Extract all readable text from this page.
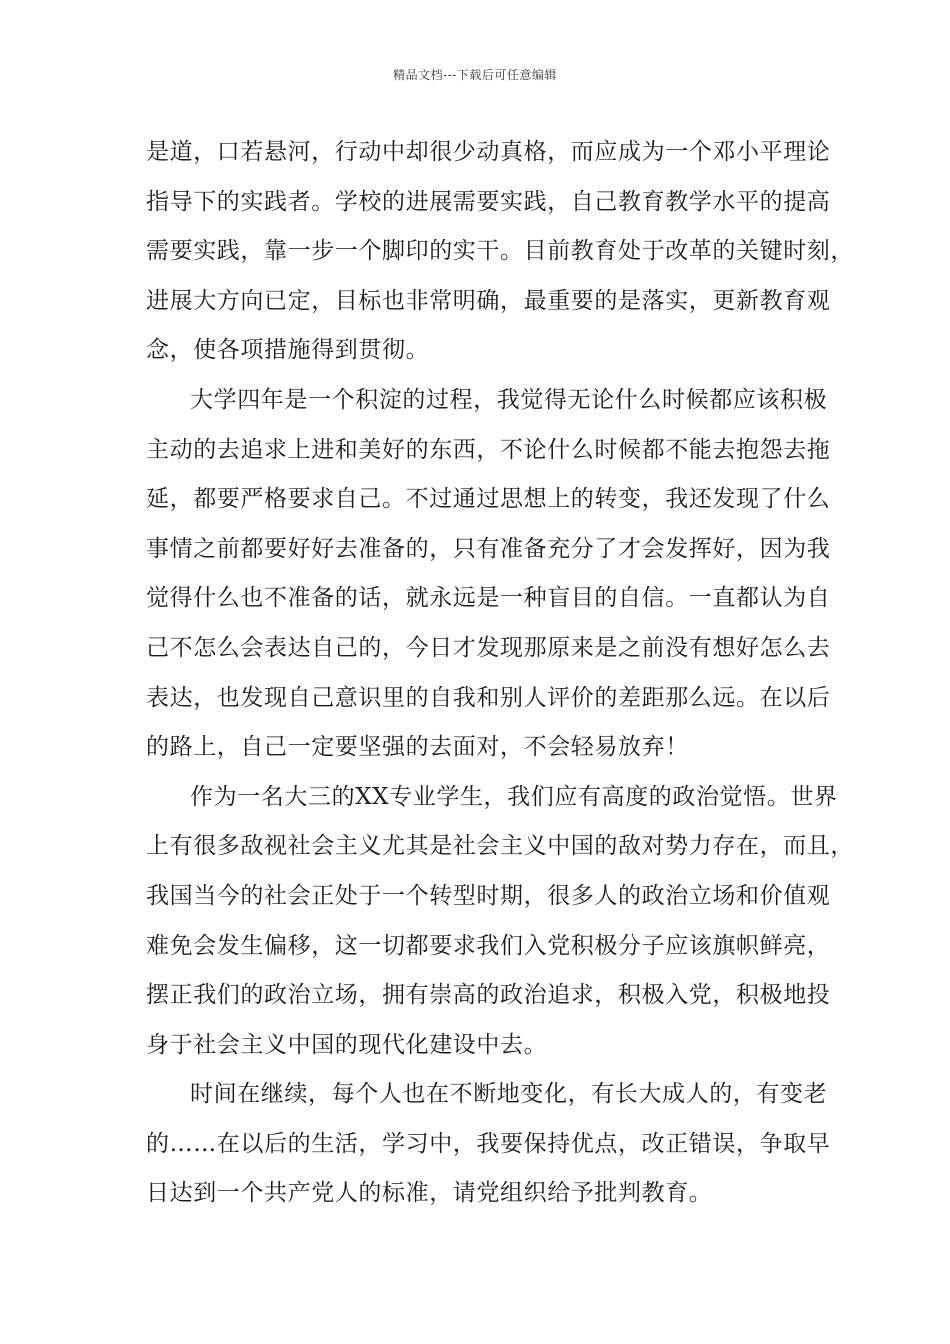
精品文档---下载后可任意编辑
是道，口若悬河，行动中却很少动真格，而应成为一个邓小平理论
指导下的实践者。学校的进展需要实践，自己教育教学水平的提高
需要实践，靠一步一个脚印的实干。目前教育处于改革的关键时刻，
进展大方向已定，目标也非常明确，最重要的是落实，更新教育观
念，使各项措施得到贯彻。
大学四年是一个积淀的过程，我觉得无论什么时候都应该积极
主动的去追求上进和美好的东西，不论什么时候都不能去抱怨去拖
延，都要严格要求自己。不过通过思想上的转变，我还发现了什么
事情之前都要好好去准备的，只有准备充分了才会发挥好，因为我
觉得什么也不准备的话，就永远是一种盲目的自信。一直都认为自
己不怎么会表达自己的，今日才发现那原来是之前没有想好怎么去
表达，也发现自己意识里的自我和别人评价的差距那么远。在以后
的路上，自己一定要坚强的去面对，不会轻易放弃！
作为一名大三的XX专业学生，我们应有高度的政治觉悟。世界
上有很多敌视社会主义尤其是社会主义中国的敌对势力存在，而且，
我国当今的社会正处于一个转型时期，很多人的政治立场和价值观
难免会发生偏移，这一切都要求我们入党积极分子应该旗帜鲜亮，
摆正我们的政治立场，拥有崇高的政治追求，积极入党，积极地投
身于社会主义中国的现代化建设中去。
时间在继续，每个人也在不断地变化，有长大成人的，有变老
的……在以后的生活，学习中，我要保持优点，改正错误，争取早
日达到一个共产党人的标准，请党组织给予批判教育。
